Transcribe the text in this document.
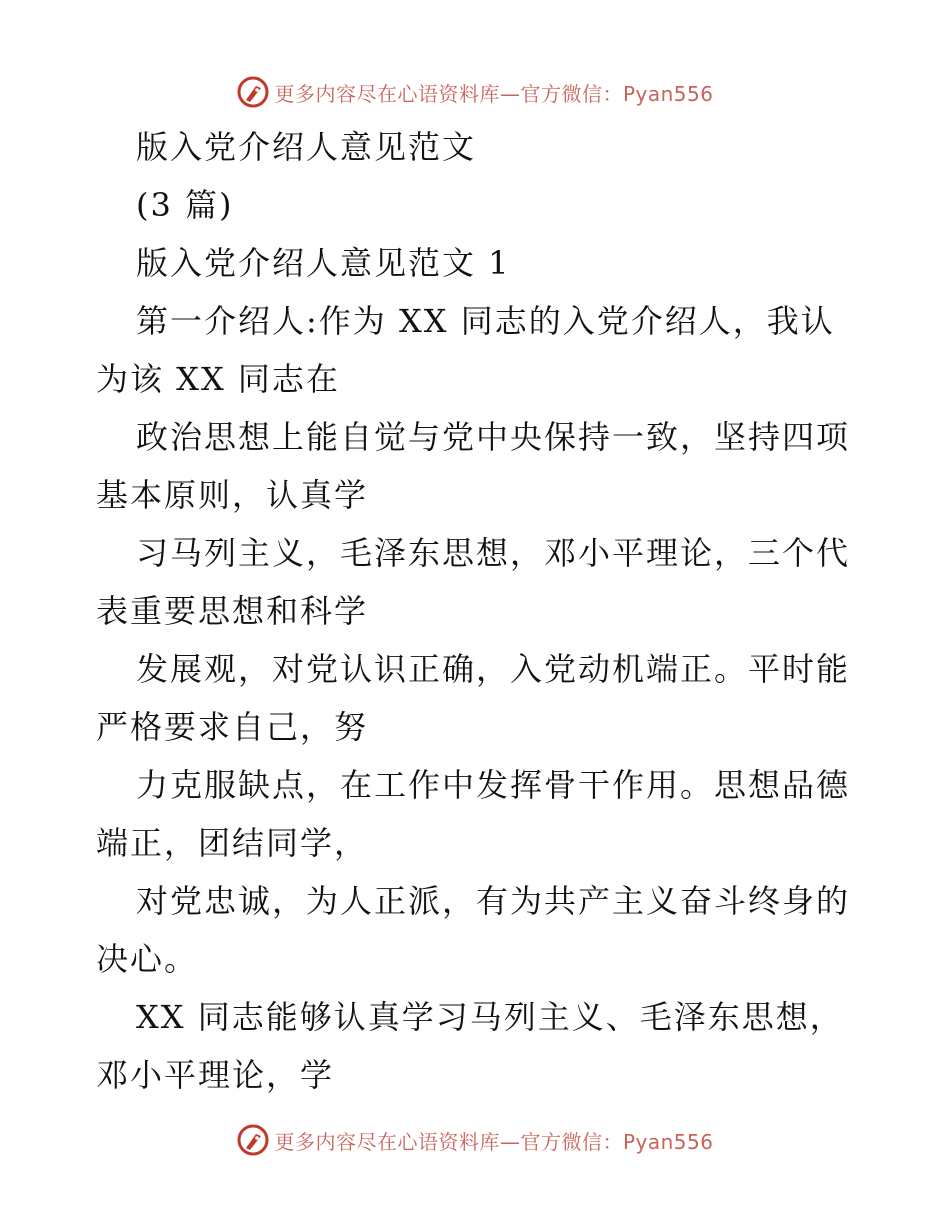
更多内容尽在心语资料库—官方微信：Pyan556
版入党介绍人意见范文
(3 篇)
版入党介绍人意见范文 1
第一介绍人:作为 XX 同志的入党介绍人，我认
为该 XX 同志在
政治思想上能自觉与党中央保持一致，坚持四项
基本原则，认真学
习马列主义，毛泽东思想，邓小平理论，三个代
表重要思想和科学
发展观，对党认识正确，入党动机端正。平时能
严格要求自己，努
力克服缺点，在工作中发挥骨干作用。思想品德
端正，团结同学，
对党忠诚，为人正派，有为共产主义奋斗终身的
决心。
XX 同志能够认真学习马列主义、毛泽东思想，
邓小平理论，学
更多内容尽在心语资料库—官方微信：Pyan556
